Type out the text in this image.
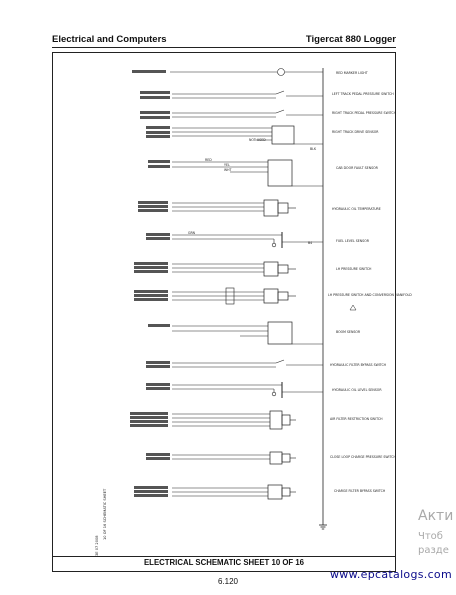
Electrical and Computers	Tigercat 880 Logger
ELECTRICAL SCHEMATIC SHEET 10 OF 16
10 OF 16 SCHEMATIC SHEET
3E 07 2008
RED MARKER LIGHT
LEFT TRACK PEDAL PRESSURE SWITCH
RIGHT TRACK PEDAL PRESSURE SWITCH
RIGHT TRACK DRIVE SENSOR
CAB DOOR FAULT SENSOR
HYDRAULIC OIL TEMPERATURE
FUEL LEVEL SENSOR
LH PRESSURE SWITCH
LH PRESSURE SWITCH AND CONVERSION MANIFOLD
BOOM SENSOR
HYDRAULIC FILTER BYPASS SWITCH
HYDRAULIC OIL LEVEL SENSOR
AIR FILTER RESTRICTION SWITCH
CLOSE LOOP CHARGE PRESSURE SWITCH
CHARGE FILTER BYPASS SWITCH
NOT USED
BLK
RED
YEL
WHT
GRN
B4
6.120
www.epcatalogs.com
Акти
Чтоб
разде
